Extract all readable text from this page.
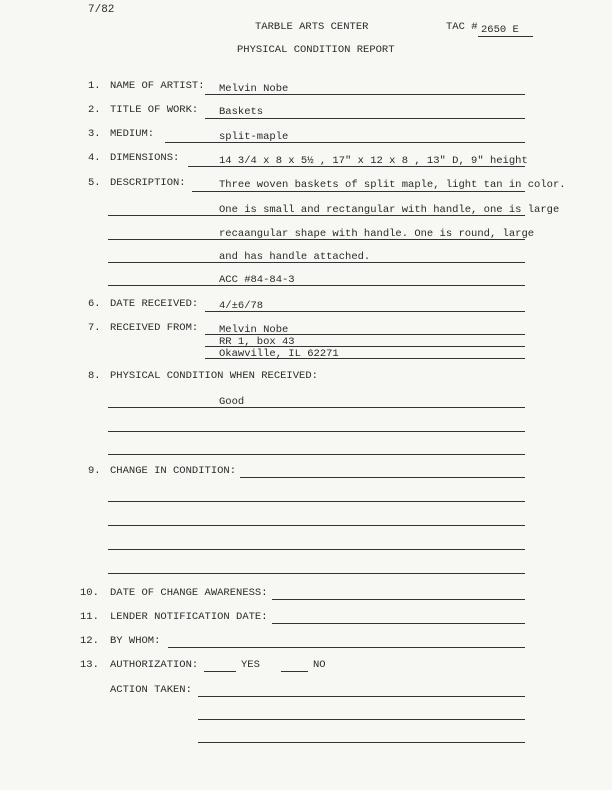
7/82
TARBLE ARTS CENTER	TAC # 2650 E
PHYSICAL CONDITION REPORT
1. NAME OF ARTIST: Melvin Nobe
2. TITLE OF WORK: Baskets
3. MEDIUM:	split-maple
4. DIMENSIONS:	14 3/4 x 8 x 5½ , 17" x 12 x 8 , 13" D, 9" height
5. DESCRIPTION:	Three woven baskets of split maple, light tan in color.
One is small and rectangular with handle, one is large
recaangular shape with handle. One is round, large
and has handle attached.
ACC #84-84-3
6. DATE RECEIVED: 4/±6/78
7. RECEIVED FROM: Melvin Nobe
RR 1, box 43
Okawville, IL 62271
8. PHYSICAL CONDITION WHEN RECEIVED:
Good
9. CHANGE IN CONDITION:
10. DATE OF CHANGE AWARENESS:
11. LENDER NOTIFICATION DATE:
12. BY WHOM:
13. AUTHORIZATION:	YES	NO
ACTION TAKEN:
